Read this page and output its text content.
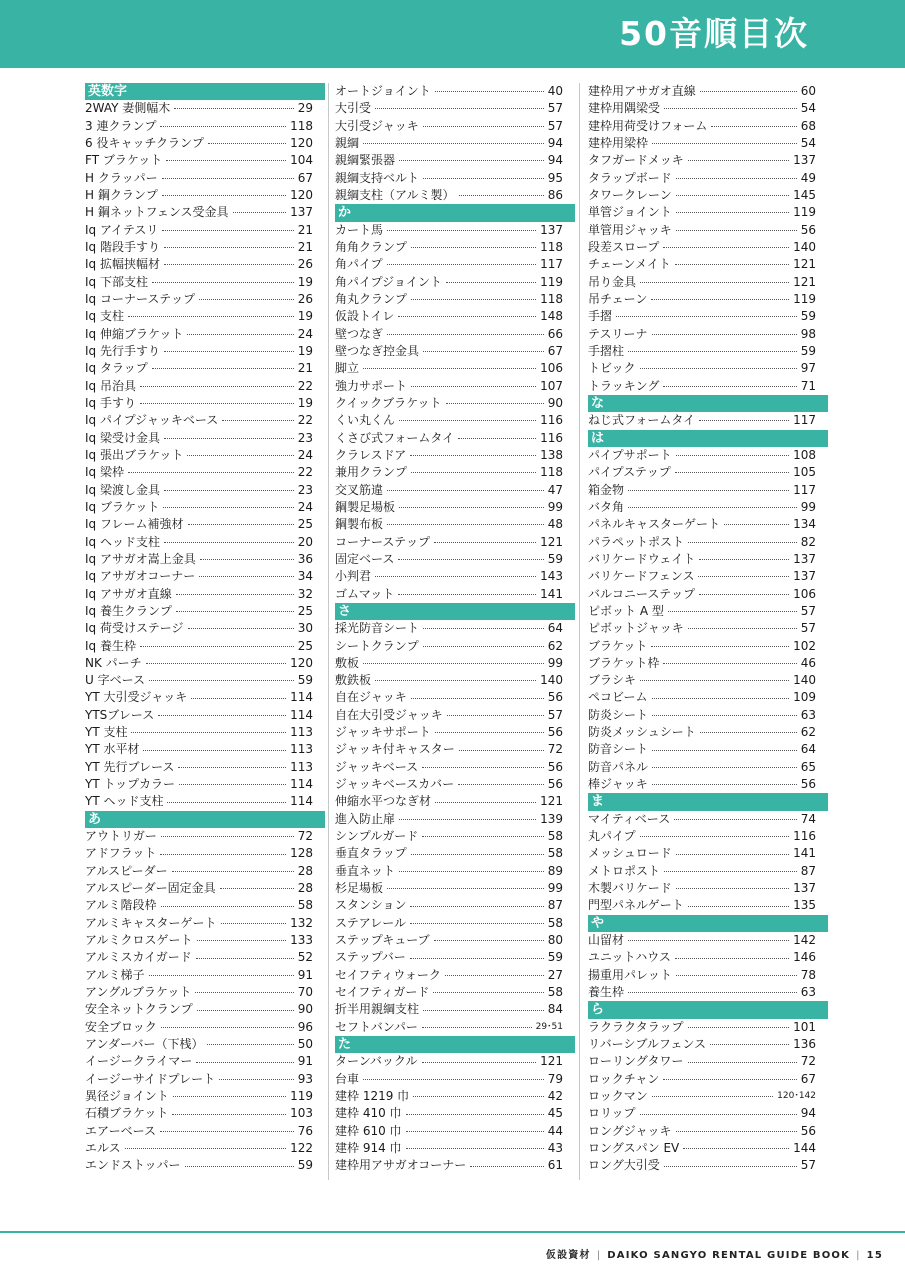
50音順目次
英数字
2WAY 妻側幅木	29
3 連クランプ	118
6 役キャッチクランプ	120
FT ブラケット	104
H クラッパー	67
H 鋼クランプ	120
H 鋼ネットフェンス受金具	137
Iq アイテスリ	21
Iq 階段手すり	21
Iq 拡幅挟幅材	26
Iq 下部支柱	19
Iq コーナーステップ	26
Iq 支柱	19
Iq 伸縮ブラケット	24
Iq 先行手すり	19
Iq タラップ	21
Iq 吊治具	22
Iq 手すり	19
Iq パイプジャッキベース	22
Iq 梁受け金具	23
Iq 張出ブラケット	24
Iq 梁枠	22
Iq 梁渡し金具	23
Iq ブラケット	24
Iq フレーム補強材	25
Iq ヘッド支柱	20
Iq アサガオ嵩上金具	36
Iq アサガオコーナー	34
Iq アサガオ直線	32
Iq 養生クランプ	25
Iq 荷受けステージ	30
Iq 養生枠	25
NK パーチ	120
U 字ベース	59
YT 大引受ジャッキ	114
YTSブレース	114
YT 支柱	113
YT 水平材	113
YT 先行ブレース	113
YT トップカラー	114
YT ヘッド支柱	114
あ
アウトリガー	72
アドフラット	128
アルスピーダー	28
アルスピーダー固定金具	28
アルミ階段枠	58
アルミキャスターゲート	132
アルミクロスゲート	133
アルミスカイガード	52
アルミ梯子	91
アングルブラケット	70
安全ネットクランプ	90
安全ブロック	96
アンダーバー（下桟）	50
イージークライマー	91
イージーサイドプレート	93
異径ジョイント	119
石積ブラケット	103
エアーベース	76
エルス	122
エンドストッパー	59
オートジョイント	40
大引受	57
大引受ジャッキ	57
親綱	94
親綱緊張器	94
親綱支持ベルト	95
親綱支柱（アルミ製）	86
か
カート馬	137
角角クランプ	118
角パイプ	117
角パイプジョイント	119
角丸クランプ	118
仮設トイレ	148
壁つなぎ	66
壁つなぎ控金具	67
脚立	106
強力サポート	107
クイックブラケット	90
くい丸くん	116
くさび式フォームタイ	116
クラレスドア	138
兼用クランプ	118
交叉筋違	47
鋼製足場板	99
鋼製布板	48
コーナーステップ	121
固定ベース	59
小判君	143
ゴムマット	141
さ
採光防音シート	64
シートクランプ	62
敷板	99
敷鉄板	140
自在ジャッキ	56
自在大引受ジャッキ	57
ジャッキサポート	56
ジャッキ付キャスター	72
ジャッキベース	56
ジャッキベースカバー	56
伸縮水平つなぎ材	121
進入防止扉	139
シンプルガード	58
垂直タラップ	58
垂直ネット	89
杉足場板	99
スタンション	87
ステアレール	58
ステップキューブ	80
ステップバー	59
セイフティウォーク	27
セイフティガード	58
折半用親綱支柱	84
セフトバンパー	29･51
た
ターンバックル	121
台車	79
建枠 1219 巾	42
建枠 410 巾	45
建枠 610 巾	44
建枠 914 巾	43
建枠用アサガオコーナー	61
建枠用アサガオ直線	60
建枠用隅梁受	54
建枠用荷受けフォーム	68
建枠用梁枠	54
タフガードメッキ	137
タラップボード	49
タワークレーン	145
単管ジョイント	119
単管用ジャッキ	56
段差スロープ	140
チェーンメイト	121
吊り金具	121
吊チェーン	119
手摺	59
テスリーナ	98
手摺柱	59
トビック	97
トラッキング	71
な
ねじ式フォームタイ	117
は
パイプサポート	108
パイプステップ	105
箱金物	117
バタ角	99
パネルキャスターゲート	134
パラペットポスト	82
バリケードウェイト	137
バリケードフェンス	137
バルコニーステップ	106
ピボット A 型	57
ピボットジャッキ	57
ブラケット	102
ブラケット枠	46
ブラシキ	140
ペコビーム	109
防炎シート	63
防炎メッシュシート	62
防音シート	64
防音パネル	65
棒ジャッキ	56
ま
マイティベース	74
丸パイプ	116
メッシュロード	141
メトロポスト	87
木製バリケード	137
門型パネルゲート	135
や
山留材	142
ユニットハウス	146
揚重用パレット	78
養生枠	63
ら
ラクラクタラップ	101
リバーシブルフェンス	136
ローリングタワー	72
ロックチャン	67
ロックマン	120･142
ロリップ	94
ロングジャッキ	56
ロングスパン EV	144
ロング大引受	57
仮設資材 | DAIKO SANGYO RENTAL GUIDE BOOK | 15
